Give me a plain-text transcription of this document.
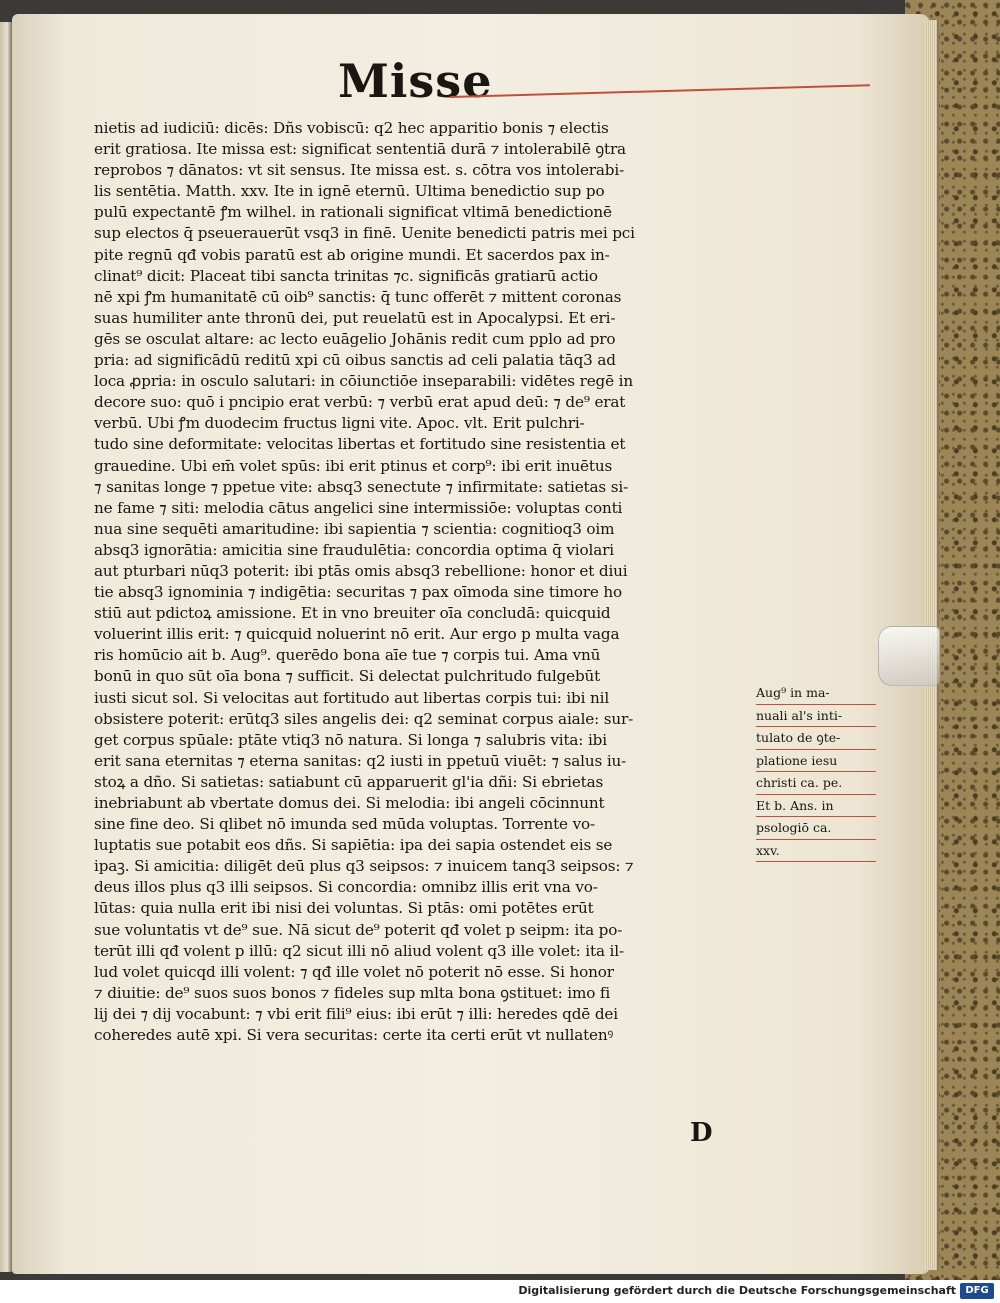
Misse
nietis ad iudiciū: dicēs: Dñs vobiscū: q2 hec apparitio bonis ⁊ electis
erit gratiosa. Ite missa est: significat sententiā durā ⁊ intolerabilē ꝯtra
reprobos ⁊ dānatos: vt sit sensus. Ite missa est. s. cōtra vos intolerabi-
lis sentētia. Matth. xxv. Ite in ignē eternū. Ultima benedictio sup po
pulū expectantē ꝭm wilhel. in rationali significat vltimā benedictionē
sup electos q̄ pseuerauerūt vsq3 in finē. Uenite benedicti patris mei pci
pite regnū qđ vobis paratū est ab origine mundi. Et sacerdos pax in-
clinat⁹ dicit: Placeat tibi sancta trinitas ⁊c. significās gratiarū actio
nē xpi ꝭm humanitatē cū oib⁹ sanctis: q̄ tunc offerēt ⁊ mittent coronas
suas humiliter ante thronū dei, put reuelatū est in Apocalypsi. Et eri-
gēs se osculat altare: ac lecto euāgelio Johānis redit cum pplo ad pro
pria: ad significādū reditū xpi cū oibus sanctis ad celi palatia tāq3 ad
loca ꝓpria: in osculo salutari: in cōiunctiōe inseparabili: vidētes regē in
decore suo: quō i pncipio erat verbū: ⁊ verbū erat apud deū: ⁊ de⁹ erat
verbū. Ubi ꝭm duodecim fructus ligni vite. Apoc. vlt. Erit pulchri-
tudo sine deformitate: velocitas libertas et fortitudo sine resistentia et
grauedine. Ubi em̄ volet spūs: ibi erit ptinus et corp⁹: ibi erit inuētus
⁊ sanitas longe ⁊ ppetue vite: absq3 senectute ⁊ infirmitate: satietas si-
ne fame ⁊ siti: melodia cātus angelici sine intermissiōe: voluptas conti
nua sine sequēti amaritudine: ibi sapientia ⁊ scientia: cognitioq3 oim
absq3 ignorātia: amicitia sine fraudulētia: concordia optima q̄ violari
aut pturbari nūq3 poterit: ibi ptās omis absq3 rebellione: honor et diui
tie absq3 ignominia ⁊ indigētia: securitas ⁊ pax oīmoda sine timore ho
stiū aut pdictoꝝ amissione. Et in vno breuiter oīa concludā: quicquid
voluerint illis erit: ⁊ quicquid noluerint nō erit. Aur ergo p multa vaga
ris homūcio ait b. Aug⁹. querēdo bona aīe tue ⁊ corpis tui. Ama vnū
bonū in quo sūt oīa bona ⁊ sufficit. Si delectat pulchritudo fulgebūt
iusti sicut sol. Si velocitas aut fortitudo aut libertas corpis tui: ibi nil
obsistere poterit: erūtq3 siles angelis dei: q2 seminat corpus aiale: sur-
get corpus spūale: ptāte vtiq3 nō natura. Si longa ⁊ salubris vita: ibi
erit sana eternitas ⁊ eterna sanitas: q2 iusti in ppetuū viuēt: ⁊ salus iu-
stoꝝ a dño. Si satietas: satiabunt cū apparuerit gl'ia dñi: Si ebrietas
inebriabunt ab vbertate domus dei. Si melodia: ibi angeli cōcinnunt
sine fine deo. Si qlibet nō imunda sed mūda voluptas. Torrente vo-
luptatis sue potabit eos dñs. Si sapiētia: ipa dei sapia ostendet eis se
ipaꝫ. Si amicitia: diligēt deū plus q3 seipsos: ⁊ inuicem tanq3 seipsos: ⁊
deus illos plus q3 illi seipsos. Si concordia: omnibz illis erit vna vo-
lūtas: quia nulla erit ibi nisi dei voluntas. Si ptās: omi potētes erūt
sue voluntatis vt de⁹ sue. Nā sicut de⁹ poterit qđ volet p seipm: ita po-
terūt illi qđ volent p illū: q2 sicut illi nō aliud volent q3 ille volet: ita il-
lud volet quicqd illi volent: ⁊ qđ ille volet nō poterit nō esse. Si honor
⁊ diuitie: de⁹ suos suos bonos ⁊ fideles sup mlta bona ꝯstituet: imo fi
lij dei ⁊ dij vocabunt: ⁊ vbi erit fili⁹ eius: ibi erūt ⁊ illi: heredes qdē dei
coheredes autē xpi. Si vera securitas: certe ita certi erūt vt nullatenꝰ
Aug⁹ in ma-
nuali al's inti-
tulato de ꝯte-
platione iesu
christi ca. pe.
Et b. Ans. in
psologiō ca.
xxv.
D
Digitalisierung gefördert durch die Deutsche Forschungsgemeinschaft DFG
